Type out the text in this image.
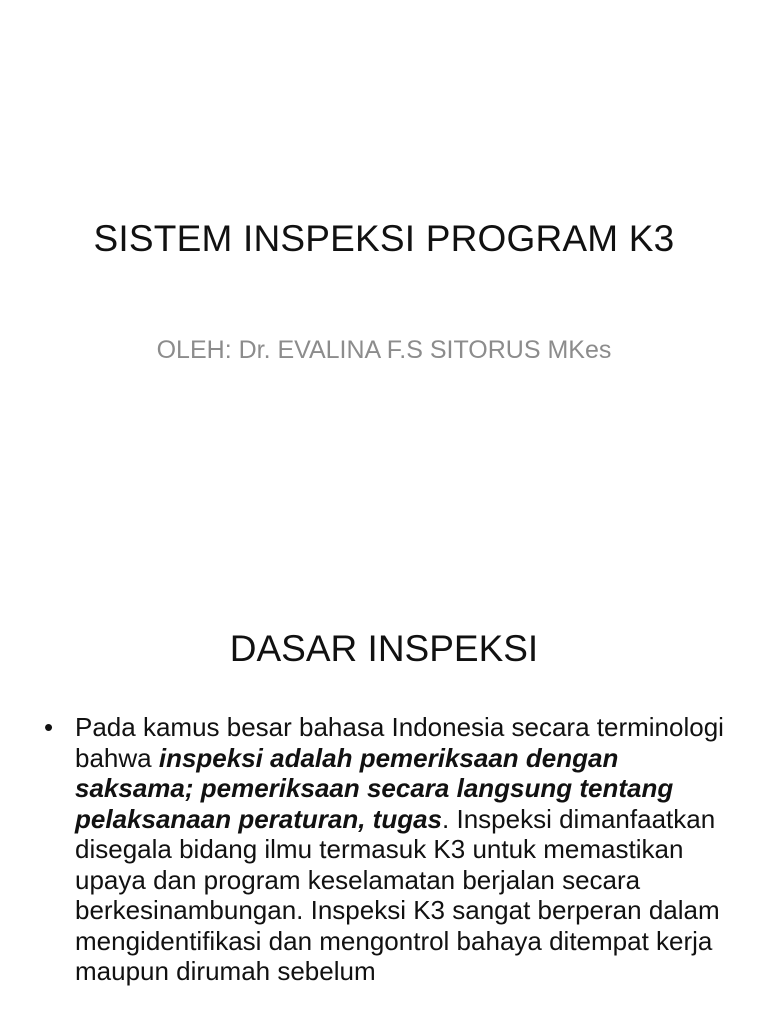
SISTEM INSPEKSI PROGRAM K3
OLEH: Dr. EVALINA F.S SITORUS MKes
DASAR INSPEKSI
• Pada kamus besar bahasa Indonesia secara terminologi bahwa inspeksi adalah pemeriksaan dengan saksama; pemeriksaan secara langsung tentang pelaksanaan peraturan, tugas. Inspeksi dimanfaatkan disegala bidang ilmu termasuk K3 untuk memastikan upaya dan program keselamatan berjalan secara berkesinambungan. Inspeksi K3 sangat berperan dalam mengidentifikasi dan mengontrol bahaya ditempat kerja maupun dirumah sebelum
